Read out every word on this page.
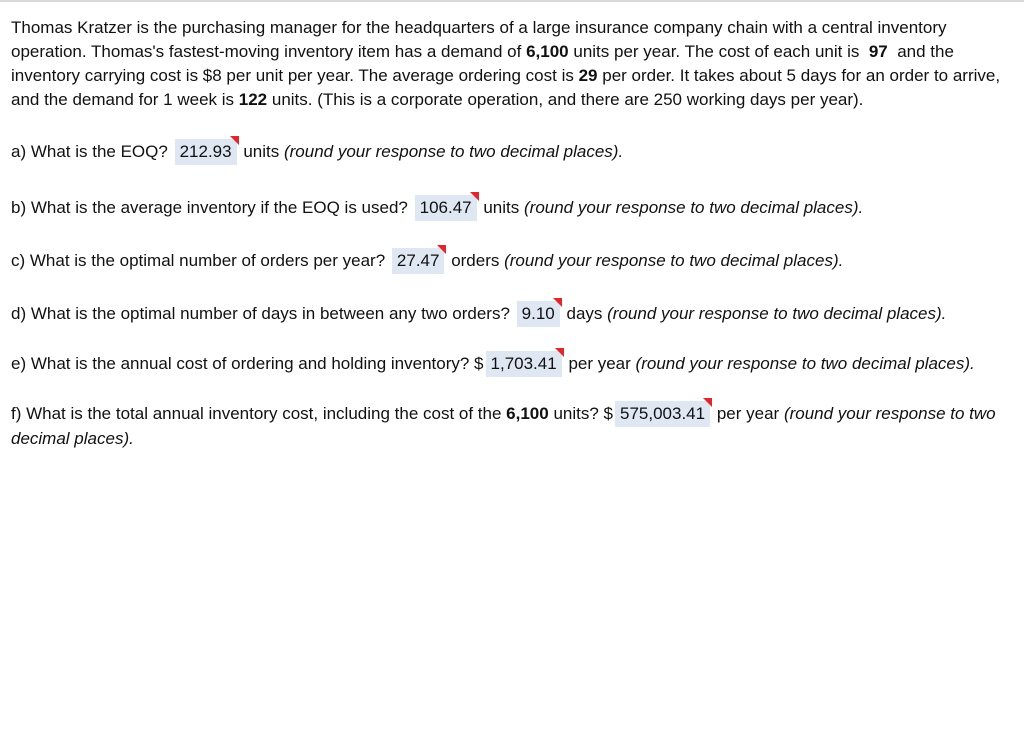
Thomas Kratzer is the purchasing manager for the headquarters of a large insurance company chain with a central inventory operation. Thomas's fastest-moving inventory item has a demand of 6,100 units per year. The cost of each unit is 97 and the inventory carrying cost is $8 per unit per year. The average ordering cost is 29 per order. It takes about 5 days for an order to arrive, and the demand for 1 week is 122 units. (This is a corporate operation, and there are 250 working days per year).

a) What is the EOQ? 212.93 units (round your response to two decimal places).

b) What is the average inventory if the EOQ is used? 106.47 units (round your response to two decimal places).

c) What is the optimal number of orders per year? 27.47 orders (round your response to two decimal places).

d) What is the optimal number of days in between any two orders? 9.10 days (round your response to two decimal places).

e) What is the annual cost of ordering and holding inventory? $ 1,703.41 per year (round your response to two decimal places).

f) What is the total annual inventory cost, including the cost of the 6,100 units? $ 575,003.41 per year (round your response to two decimal places).
